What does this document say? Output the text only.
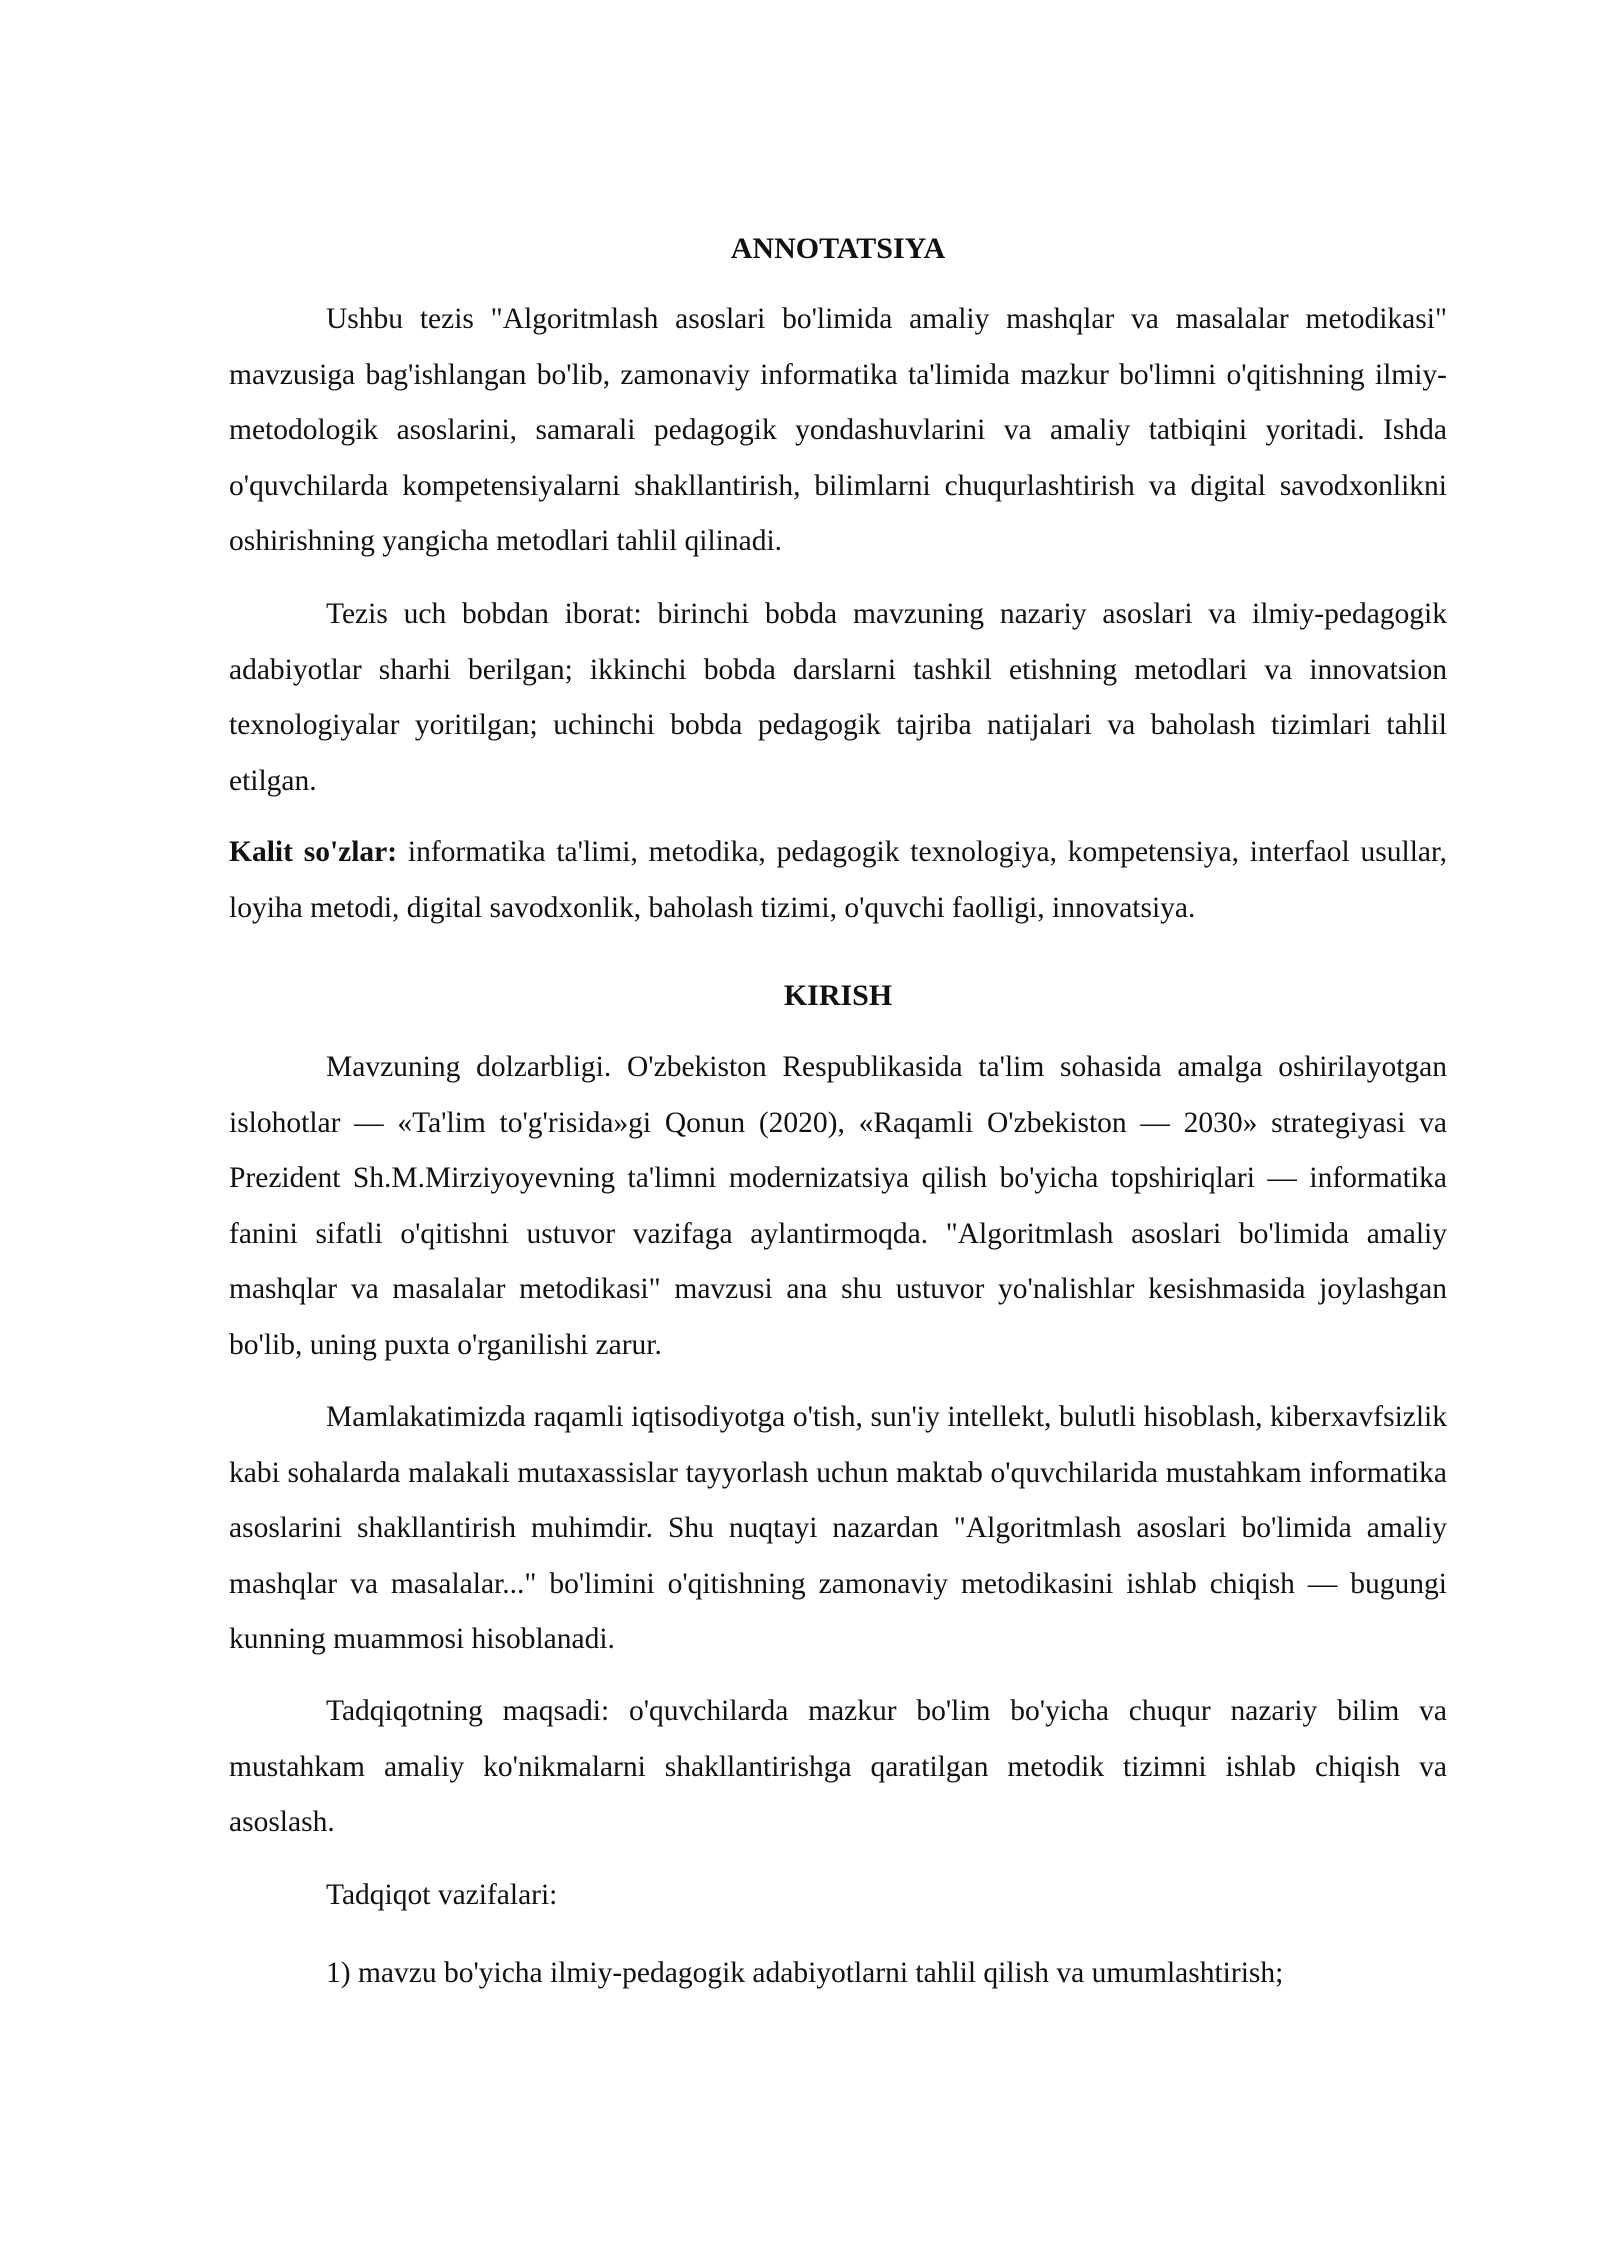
ANNOTATSIYA

Ushbu tezis "Algoritmlash asoslari bo'limida amaliy mashqlar va masalalar metodikasi" mavzusiga bag'ishlangan bo'lib, zamonaviy informatika ta'limida mazkur bo'limni o'qitishning ilmiy-metodologik asoslarini, samarali pedagogik yondashuvlarini va amaliy tatbiqini yoritadi. Ishda o'quvchilarda kompetensiyalarni shakllantirish, bilimlarni chuqurlashtirish va digital savodxonlikni oshirishning yangicha metodlari tahlil qilinadi.

Tezis uch bobdan iborat: birinchi bobda mavzuning nazariy asoslari va ilmiy-pedagogik adabiyotlar sharhi berilgan; ikkinchi bobda darslarni tashkil etishning metodlari va innovatsion texnologiyalar yoritilgan; uchinchi bobda pedagogik tajriba natijalari va baholash tizimlari tahlil etilgan.

Kalit so'zlar: informatika ta'limi, metodika, pedagogik texnologiya, kompetensiya, interfaol usullar, loyiha metodi, digital savodxonlik, baholash tizimi, o'quvchi faolligi, innovatsiya.

KIRISH

Mavzuning dolzarbligi. O'zbekiston Respublikasida ta'lim sohasida amalga oshirilayotgan islohotlar — «Ta'lim to'g'risida»gi Qonun (2020), «Raqamli O'zbekiston — 2030» strategiyasi va Prezident Sh.M.Mirziyoyevning ta'limni modernizatsiya qilish bo'yicha topshiriqlari — informatika fanini sifatli o'qitishni ustuvor vazifaga aylantirmoqda. "Algoritmlash asoslari bo'limida amaliy mashqlar va masalalar metodikasi" mavzusi ana shu ustuvor yo'nalishlar kesishmasida joylashgan bo'lib, uning puxta o'rganilishi zarur.

Mamlakatimizda raqamli iqtisodiyotga o'tish, sun'iy intellekt, bulutli hisoblash, kiberxavfsizlik kabi sohalarda malakali mutaxassislar tayyorlash uchun maktab o'quvchilarida mustahkam informatika asoslarini shakllantirish muhimdir. Shu nuqtayi nazardan "Algoritmlash asoslari bo'limida amaliy mashqlar va masalalar..." bo'limini o'qitishning zamonaviy metodikasini ishlab chiqish — bugungi kunning muammosi hisoblanadi.

Tadqiqotning maqsadi: o'quvchilarda mazkur bo'lim bo'yicha chuqur nazariy bilim va mustahkam amaliy ko'nikmalarni shakllantirishga qaratilgan metodik tizimni ishlab chiqish va asoslash.

Tadqiqot vazifalari:

1) mavzu bo'yicha ilmiy-pedagogik adabiyotlarni tahlil qilish va umumlashtirish;
